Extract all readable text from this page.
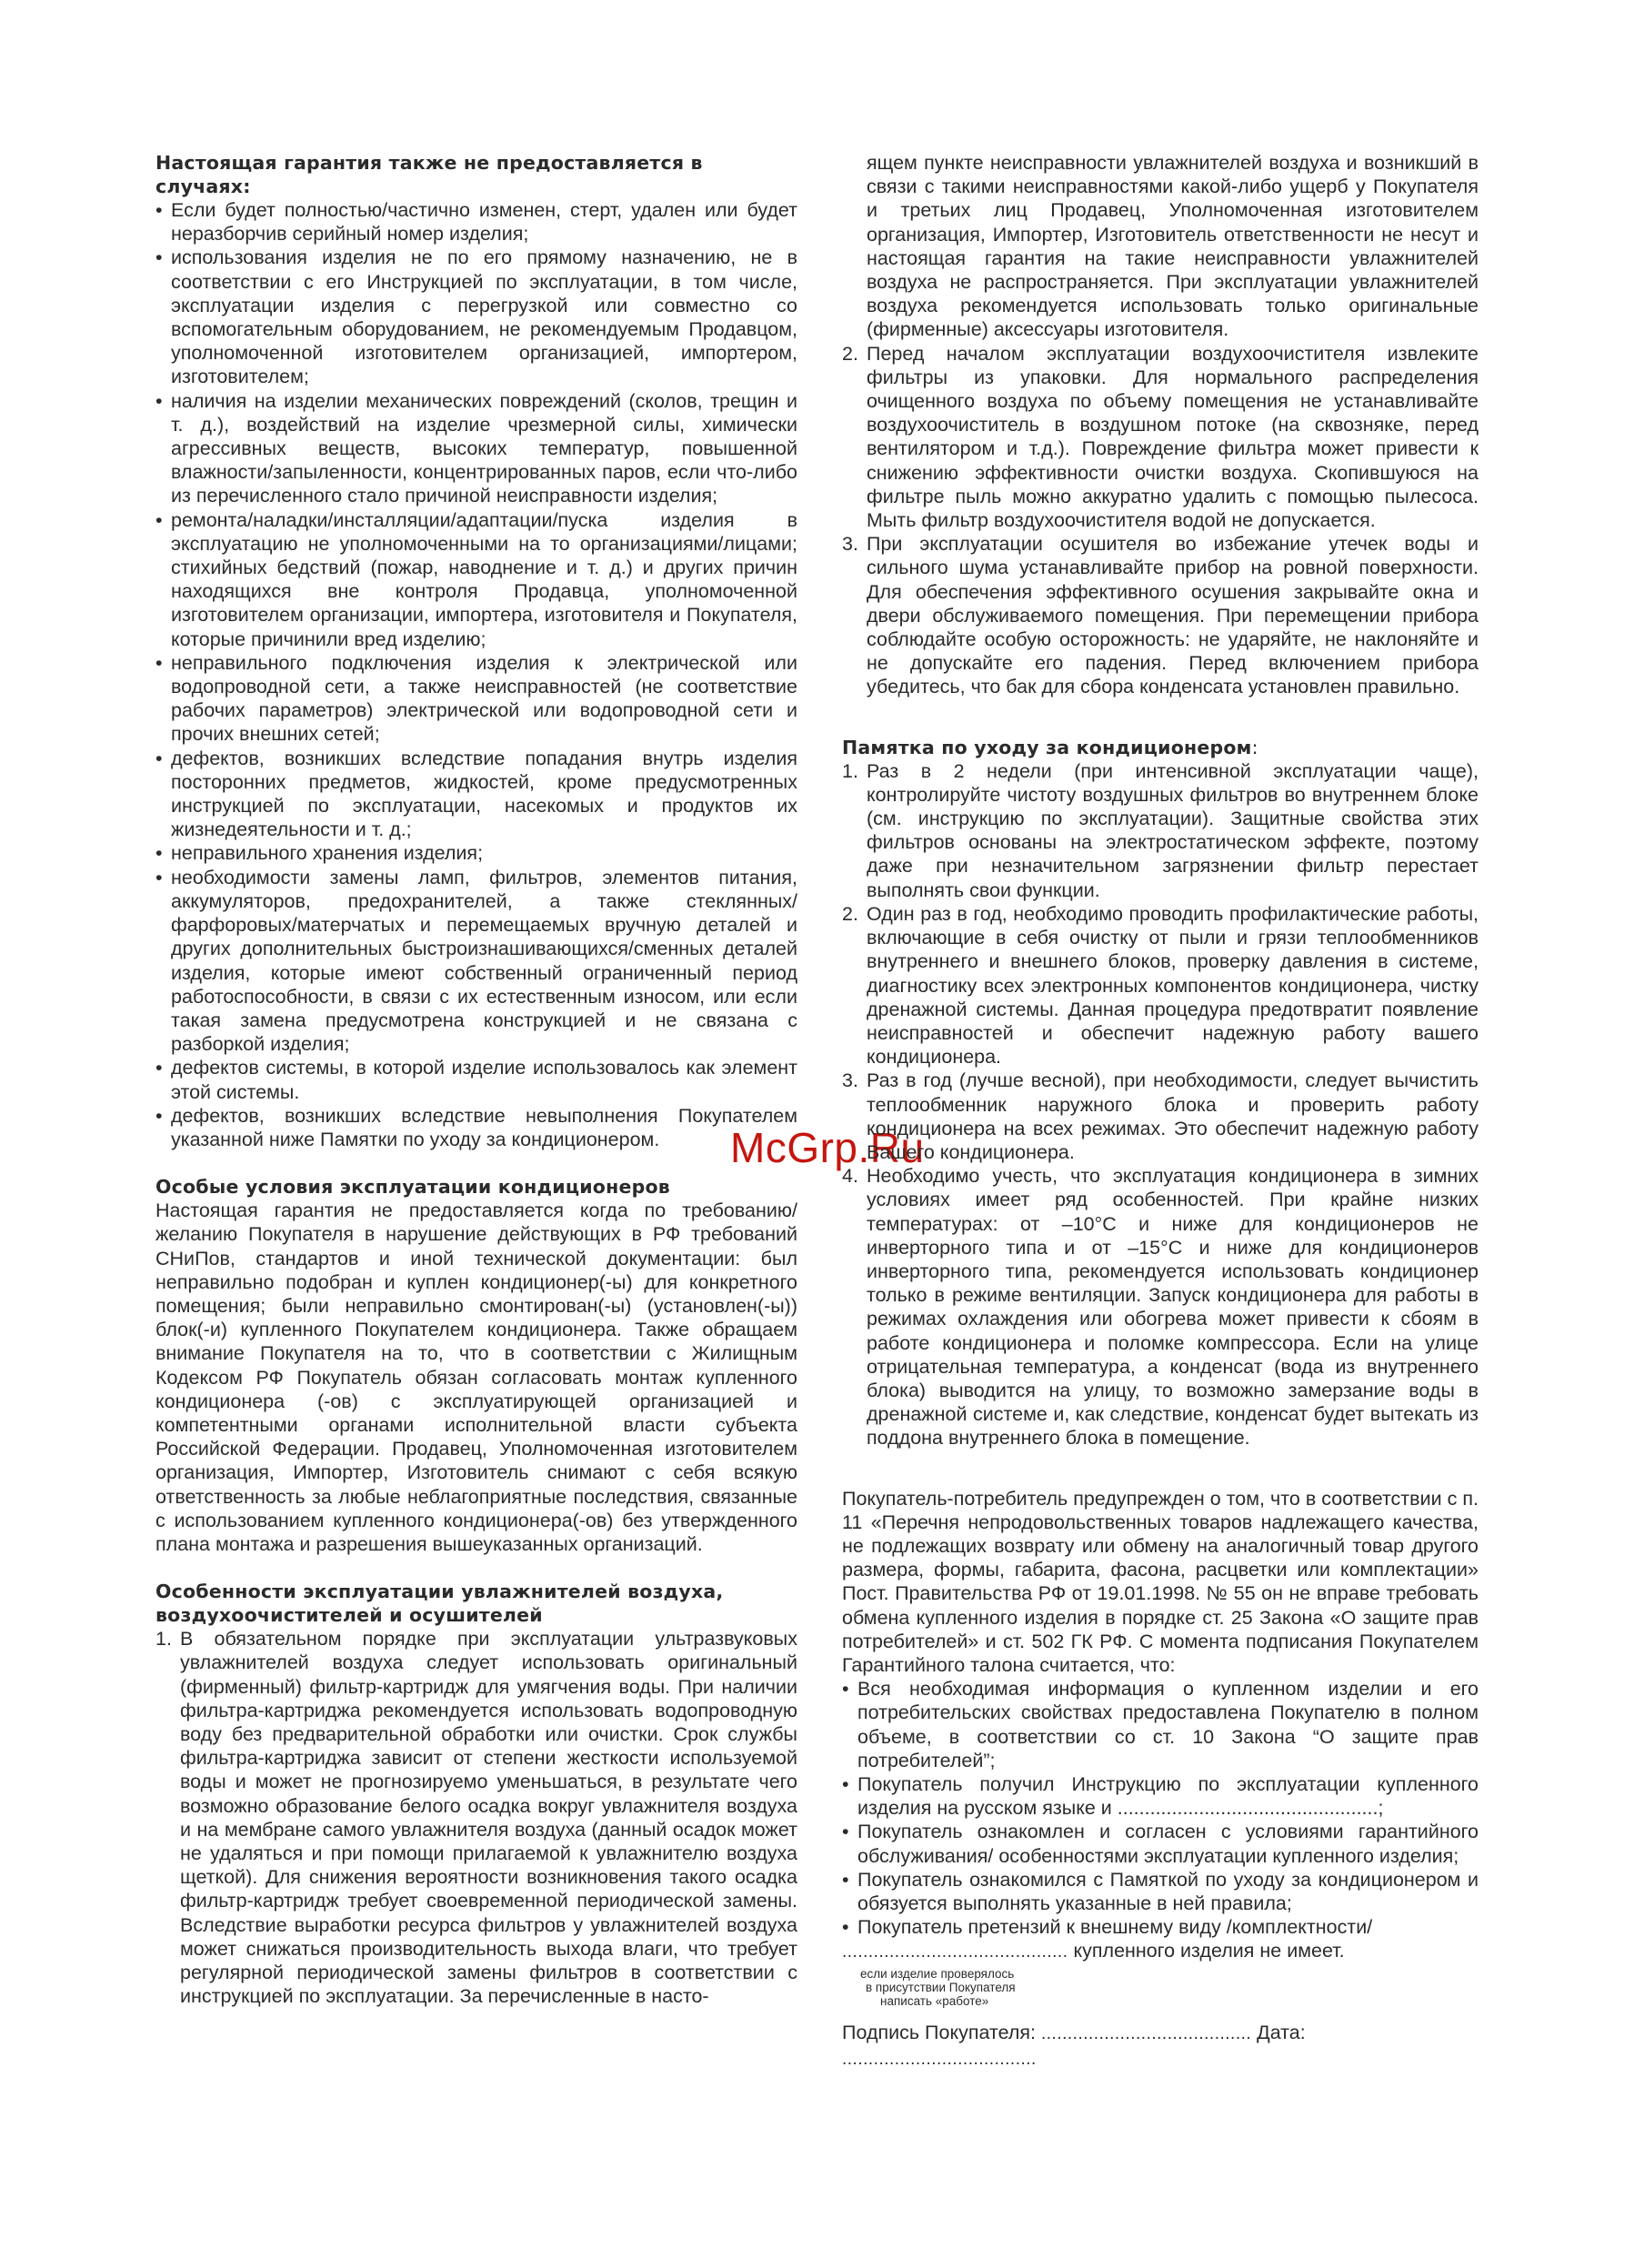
McGrp.Ru
Настоящая гарантия также не предоставляется в случаях:
• Если будет полностью/частично изменен, стерт, удален или будет неразборчив серийный номер изделия;
• использования изделия не по его прямому назначению, не в соответствии с его Инструкцией по эксплуатации, в том числе, эксплуатации изделия с перегрузкой или совместно со вспомогательным оборудованием, не рекомендуемым Продавцом, уполномоченной изготовителем организацией, импортером, изготовителем;
• наличия на изделии механических повреждений (сколов, трещин и т. д.), воздействий на изделие чрезмерной силы, химически агрессивных веществ, высоких температур, повышенной влажности/запыленности, концентрированных паров, если что-либо из перечисленного стало причиной неисправности изделия;
• ремонта/наладки/инсталляции/адаптации/пуска изделия в эксплуатацию не уполномоченными на то организациями/лицами; стихийных бедствий (пожар, наводнение и т. д.) и других причин находящихся вне контроля Продавца, уполномоченной изготовителем организации, импортера, изготовителя и Покупателя, которые причинили вред изделию;
• неправильного подключения изделия к электрической или водопроводной сети, а также неисправностей (не соответствие рабочих параметров) электрической или водопроводной сети и прочих внешних сетей;
• дефектов, возникших вследствие попадания внутрь изделия посторонних предметов, жидкостей, кроме предусмотренных инструкцией по эксплуатации, насекомых и продуктов их жизнедеятельности и т. д.;
• неправильного хранения изделия;
• необходимости замены ламп, фильтров, элементов питания, аккумуляторов, предохранителей, а также стеклянных/фарфоровых/матерчатых и перемещаемых вручную деталей и других дополнительных быстроизнашивающихся/сменных деталей изделия, которые имеют собственный ограниченный период работоспособности, в связи с их естественным износом, или если такая замена предусмотрена конструкцией и не связана с разборкой изделия;
• дефектов системы, в которой изделие использовалось как элемент этой системы.
• дефектов, возникших вследствие невыполнения Покупателем указанной ниже Памятки по уходу за кондиционером.
Особые условия эксплуатации кондиционеров

Настоящая гарантия не предоставляется когда по требованию/желанию Покупателя в нарушение действующих в РФ требований СНиПов, стандартов и иной технической документации: был неправильно подобран и куплен кондиционер(-ы) для конкретного помещения; были неправильно смонтирован(-ы) (установлен(-ы)) блок(-и) купленного Покупателем кондиционера. Также обращаем внимание Покупателя на то, что в соответствии с Жилищным Кодексом РФ Покупатель обязан согласовать монтаж купленного кондиционера (-ов) с эксплуатирующей организацией и компетентными органами исполнительной власти субъекта Российской Федерации. Продавец, Уполномоченная изготовителем организация, Импортер, Изготовитель снимают с себя всякую ответственность за любые неблагоприятные последствия, связанные с использованием купленного кондиционера(-ов) без утвержденного плана монтажа и разрешения вышеуказанных организаций.

Особенности эксплуатации увлажнителей воздуха, воздухоочистителей и осушителей
1. В обязательном порядке при эксплуатации ультразвуковых увлажнителей воздуха следует использовать оригинальный (фирменный) фильтр-картридж для умягчения воды. При наличии фильтра-картриджа рекомендуется использовать водопроводную воду без предварительной обработки или очистки. Срок службы фильтра-картриджа зависит от степени жесткости используемой воды и может не прогнозируемо уменьшаться, в результате чего возможно образование белого осадка вокруг увлажнителя воздуха и на мембране самого увлажнителя воздуха (данный осадок может не удаляться и при помощи прилагаемой к увлажнителю воздуха щеткой). Для снижения вероятности возникновения такого осадка фильтр-картридж требует своевременной периодической замены. Вследствие выработки ресурса фильтров у увлажнителей воздуха может снижаться производительность выхода влаги, что требует регулярной периодической замены фильтров в соответствии с инструкцией по эксплуатации. За перечисленные в насто-

ящем пункте неисправности увлажнителей воздуха и возникший в связи с такими неисправностями какой-либо ущерб у Покупателя и третьих лиц Продавец, Уполномоченная изготовителем организация, Импортер, Изготовитель ответственности не несут и настоящая гарантия на такие неисправности увлажнителей воздуха не распространяется. При эксплуатации увлажнителей воздуха рекомендуется использовать только оригинальные (фирменные) аксессуары изготовителя.

2. Перед началом эксплуатации воздухоочистителя извлеките фильтры из упаковки. Для нормального распределения очищенного воздуха по объему помещения не устанавливайте воздухоочиститель в воздушном потоке (на сквозняке, перед вентилятором и т.д.). Повреждение фильтра может привести к снижению эффективности очистки воздуха. Скопившуюся на фильтре пыль можно аккуратно удалить с помощью пылесоса. Мыть фильтр воздухоочистителя водой не допускается.
3. При эксплуатации осушителя во избежание утечек воды и сильного шума устанавливайте прибор на ровной поверхности. Для обеспечения эффективного осушения закрывайте окна и двери обслуживаемого помещения. При перемещении прибора соблюдайте особую осторожность: не ударяйте, не наклоняйте и не допускайте его падения. Перед включением прибора убедитесь, что бак для сбора конденсата установлен правильно.
Памятка по уходу за кондиционером:
1. Раз в 2 недели (при интенсивной эксплуатации чаще), контролируйте чистоту воздушных фильтров во внутреннем блоке (см. инструкцию по эксплуатации). Защитные свойства этих фильтров основаны на электростатическом эффекте, поэтому даже при незначительном загрязнении фильтр перестает выполнять свои функции.
2. Один раз в год, необходимо проводить профилактические работы, включающие в себя очистку от пыли и грязи теплообменников внутреннего и внешнего блоков, проверку давления в системе, диагностику всех электронных компонентов кондиционера, чистку дренажной системы. Данная процедура предотвратит появление неисправностей и обеспечит надежную работу вашего кондиционера.
3. Раз в год (лучше весной), при необходимости, следует вычистить теплообменник наружного блока и проверить работу кондиционера на всех режимах. Это обеспечит надежную работу Вашего кондиционера.
4. Необходимо учесть, что эксплуатация кондиционера в зимних условиях имеет ряд особенностей. При крайне низких температурах: от –10°С и ниже для кондиционеров не инверторного типа и от –15°С и ниже для кондиционеров инверторного типа, рекомендуется использовать кондиционер только в режиме вентиляции. Запуск кондиционера для работы в режимах охлаждения или обогрева может привести к сбоям в работе кондиционера и поломке компрессора. Если на улице отрицательная температура, а конденсат (вода из внутреннего блока) выводится на улицу, то возможно замерзание воды в дренажной системе и, как следствие, конденсат будет вытекать из поддона внутреннего блока в помещение.

Покупатель-потребитель предупрежден о том, что в соответствии с п. 11 «Перечня непродовольственных товаров надлежащего качества, не подлежащих возврату или обмену на аналогичный товар другого размера, формы, габарита, фасона, расцветки или комплектации» Пост. Правительства РФ от 19.01.1998. № 55 он не вправе требовать обмена купленного изделия в порядке ст. 25 Закона «О защите прав потребителей» и ст. 502 ГК РФ. С момента подписания Покупателем Гарантийного талона считается, что:

• Вся необходимая информация о купленном изделии и его потребительских свойствах предоставлена Покупателю в полном объеме, в соответствии со ст. 10 Закона “О защите прав потребителей”;
• Покупатель получил Инструкцию по эксплуатации купленного изделия на русском языке и ................................................;
• Покупатель ознакомлен и согласен с условиями гарантийного обслуживания/ особенностями эксплуатации купленного изделия;
• Покупатель ознакомился с Памяткой по уходу за кондиционером и обязуется выполнять указанные в ней правила;
• Покупатель претензий к внешнему виду /комплектности/
........................................... купленного изделия не имеет.
если изделие проверялось
в присутствии Покупателя
написать «работе»
Подпись Покупателя: ........................................ Дата: .....................................
